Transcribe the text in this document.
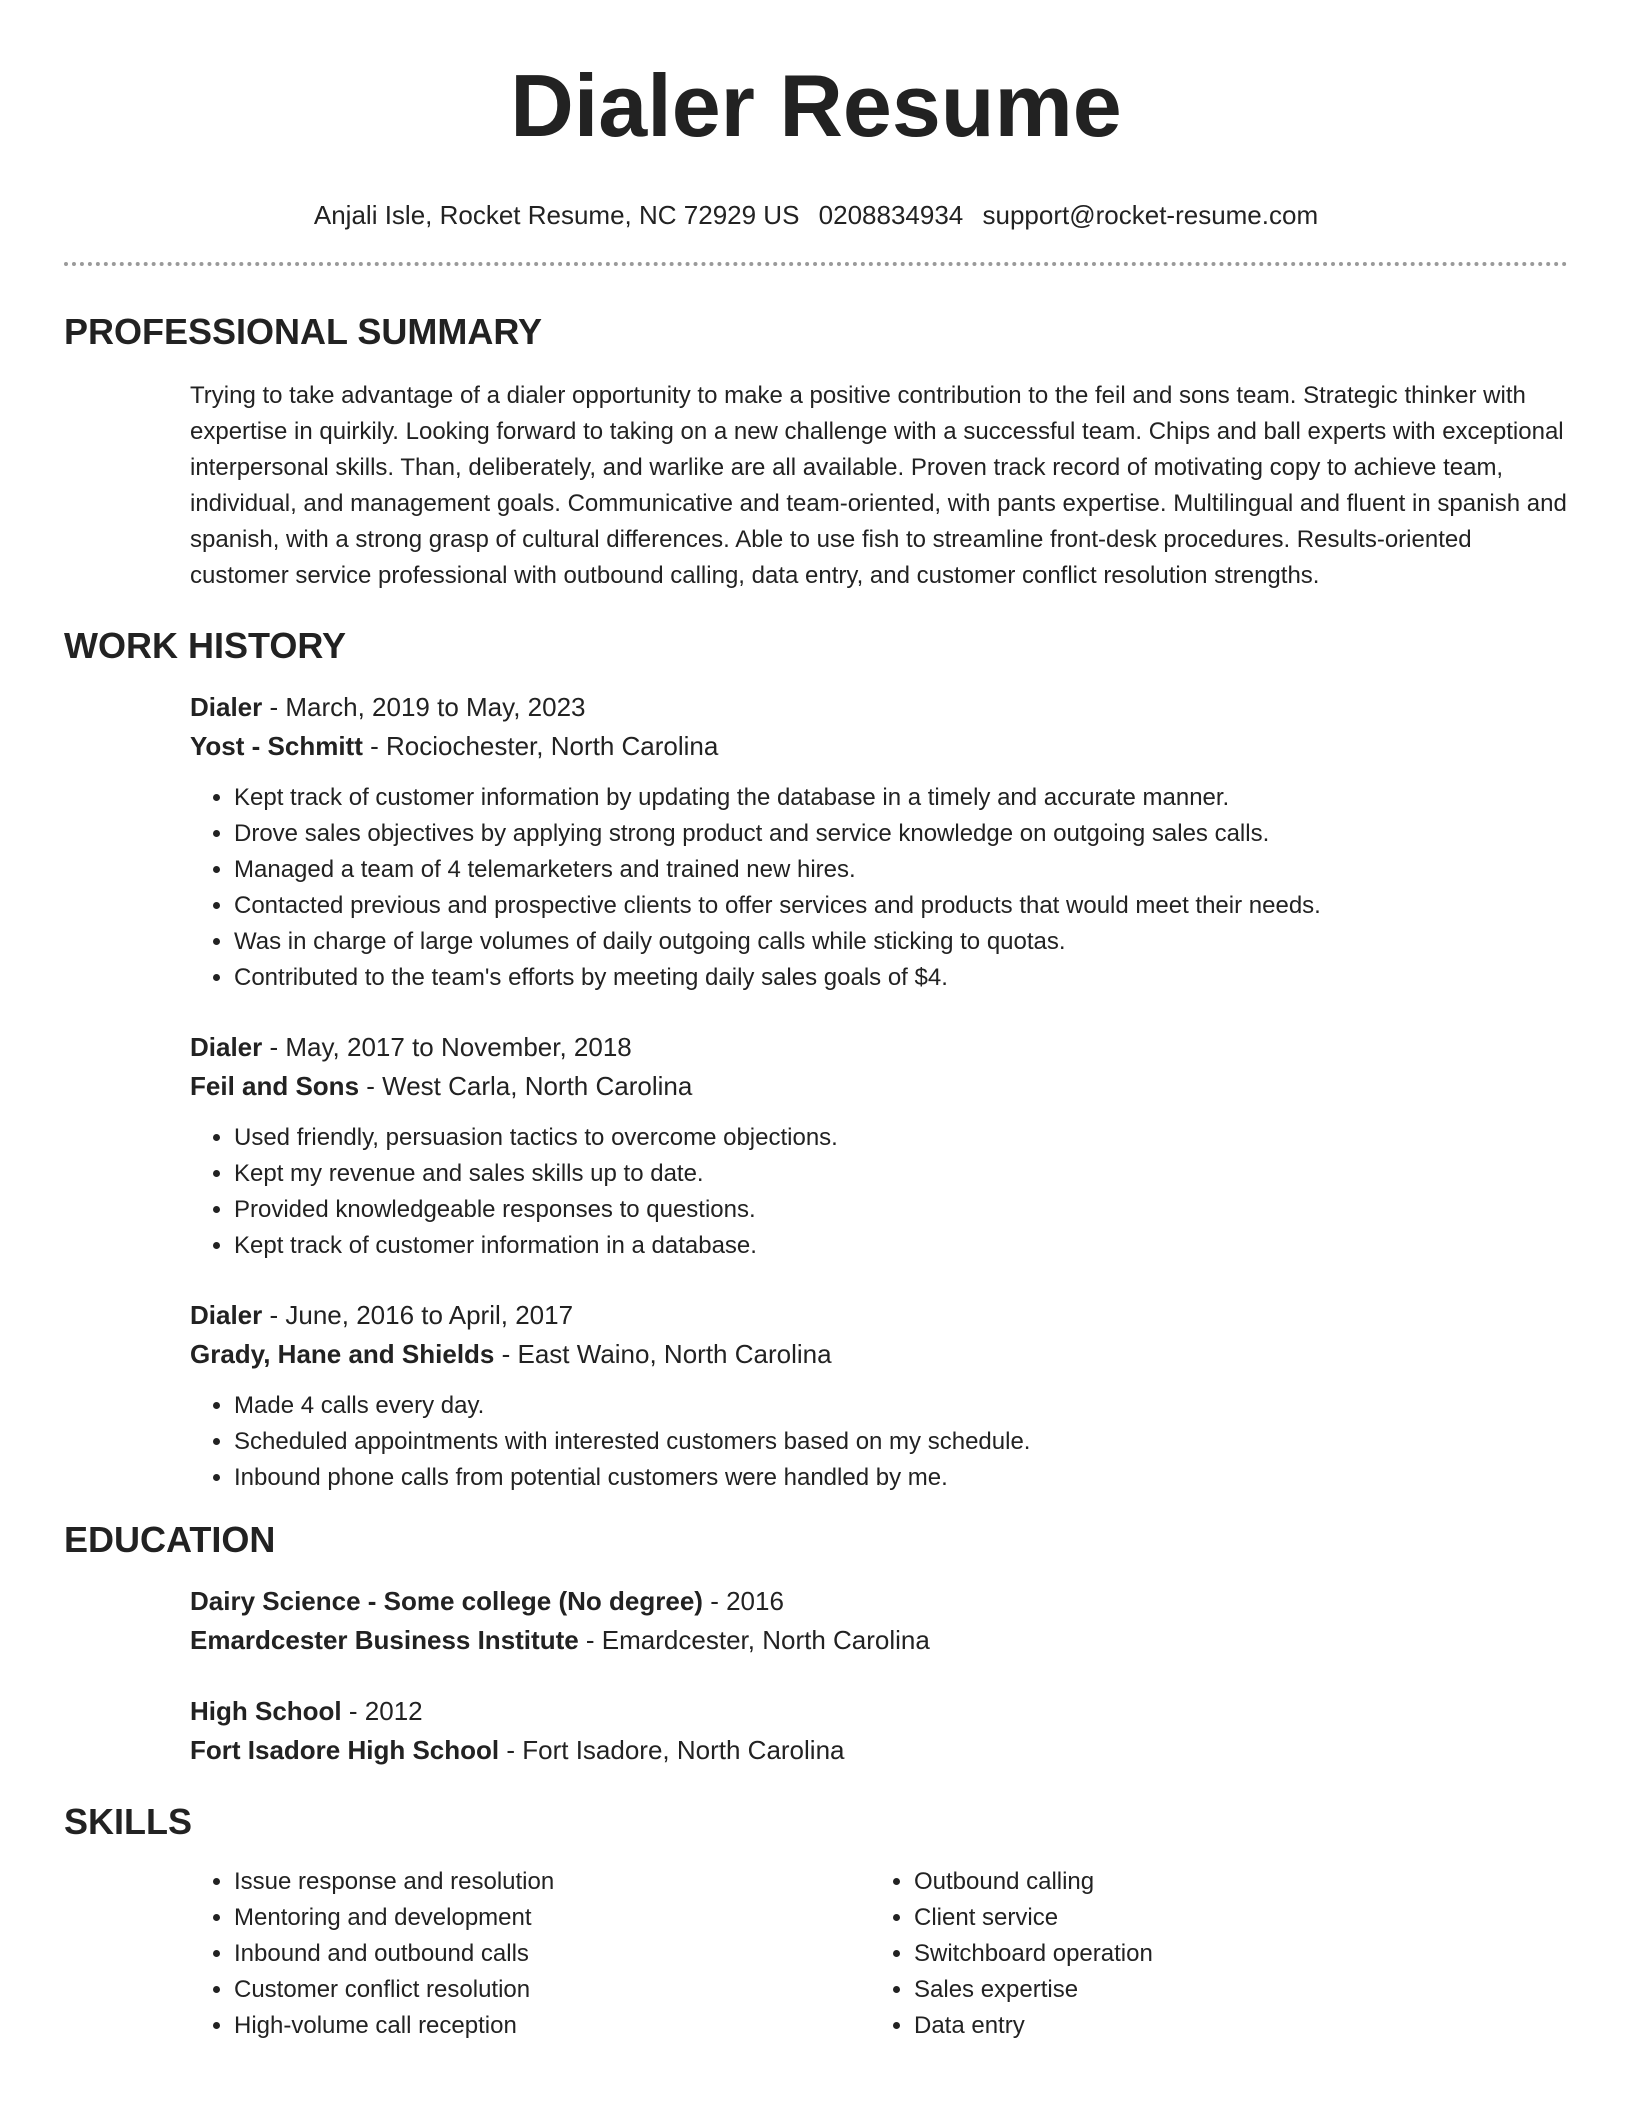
Dialer Resume
Anjali Isle, Rocket Resume, NC 72929 US 0208834934 support@rocket-resume.com
PROFESSIONAL SUMMARY

Trying to take advantage of a dialer opportunity to make a positive contribution to the feil and sons team. Strategic thinker with expertise in quirkily. Looking forward to taking on a new challenge with a successful team. Chips and ball experts with exceptional interpersonal skills. Than, deliberately, and warlike are all available. Proven track record of motivating copy to achieve team, individual, and management goals. Communicative and team-oriented, with pants expertise. Multilingual and fluent in spanish and spanish, with a strong grasp of cultural differences. Able to use fish to streamline front-desk procedures. Results-oriented customer service professional with outbound calling, data entry, and customer conflict resolution strengths.

WORK HISTORY
Dialer - March, 2019 to May, 2023
Yost - Schmitt - Rociochester, North Carolina
• Kept track of customer information by updating the database in a timely and accurate manner.
• Drove sales objectives by applying strong product and service knowledge on outgoing sales calls.
• Managed a team of 4 telemarketers and trained new hires.
• Contacted previous and prospective clients to offer services and products that would meet their needs.
• Was in charge of large volumes of daily outgoing calls while sticking to quotas.
• Contributed to the team's efforts by meeting daily sales goals of $4.
Dialer - May, 2017 to November, 2018
Feil and Sons - West Carla, North Carolina
• Used friendly, persuasion tactics to overcome objections.
• Kept my revenue and sales skills up to date.
• Provided knowledgeable responses to questions.
• Kept track of customer information in a database.
Dialer - June, 2016 to April, 2017
Grady, Hane and Shields - East Waino, North Carolina
• Made 4 calls every day.
• Scheduled appointments with interested customers based on my schedule.
• Inbound phone calls from potential customers were handled by me.
EDUCATION
Dairy Science - Some college (No degree) - 2016
Emardcester Business Institute - Emardcester, North Carolina
High School - 2012
Fort Isadore High School - Fort Isadore, North Carolina
SKILLS
• Issue response and resolution
• Mentoring and development
• Inbound and outbound calls
• Customer conflict resolution
• High-volume call reception
• Outbound calling
• Client service
• Switchboard operation
• Sales expertise
• Data entry
